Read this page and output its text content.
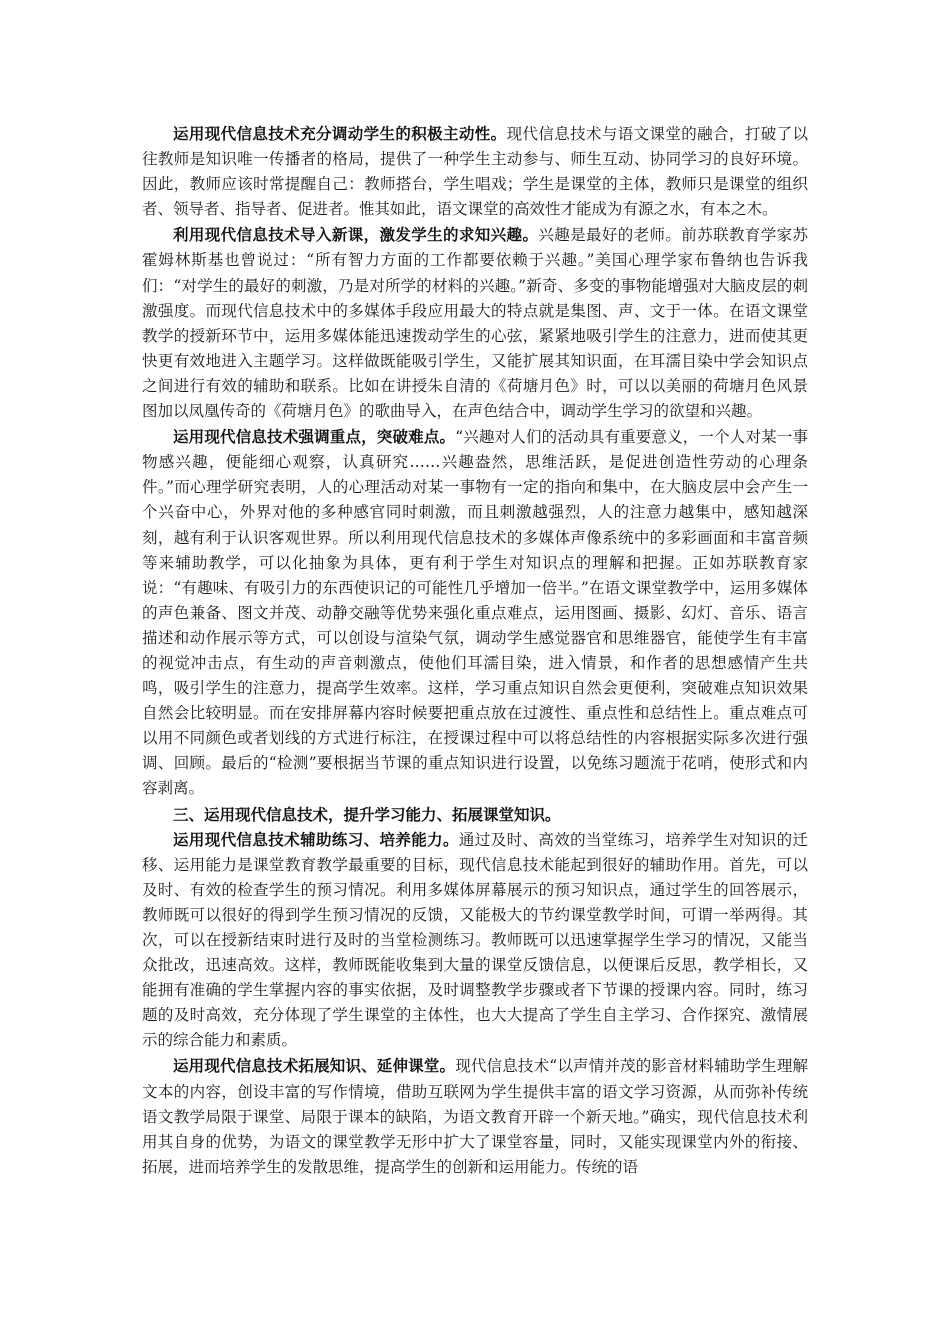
运用现代信息技术充分调动学生的积极主动性。现代信息技术与语文课堂的融合，打破了以往教师是知识唯一传播者的格局，提供了一种学生主动参与、师生互动、协同学习的良好环境。因此，教师应该时常提醒自己：教师搭台，学生唱戏；学生是课堂的主体，教师只是课堂的组织者、领导者、指导者、促进者。惟其如此，语文课堂的高效性才能成为有源之水，有本之木。

利用现代信息技术导入新课，激发学生的求知兴趣。兴趣是最好的老师。前苏联教育学家苏霍姆林斯基也曾说过：“所有智力方面的工作都要依赖于兴趣。”美国心理学家布鲁纳也告诉我们：“对学生的最好的刺激，乃是对所学的材料的兴趣。”新奇、多变的事物能增强对大脑皮层的刺激强度。而现代信息技术中的多媒体手段应用最大的特点就是集图、声、文于一体。在语文课堂教学的授新环节中，运用多媒体能迅速拨动学生的心弦，紧紧地吸引学生的注意力，进而使其更快更有效地进入主题学习。这样做既能吸引学生，又能扩展其知识面，在耳濡目染中学会知识点之间进行有效的辅助和联系。比如在讲授朱自清的《荷塘月色》时，可以以美丽的荷塘月色风景图加以凤凰传奇的《荷塘月色》的歌曲导入，在声色结合中，调动学生学习的欲望和兴趣。

运用现代信息技术强调重点，突破难点。“兴趣对人们的活动具有重要意义，一个人对某一事物感兴趣，便能细心观察，认真研究……兴趣盎然，思维活跃，是促进创造性劳动的心理条件。”而心理学研究表明，人的心理活动对某一事物有一定的指向和集中，在大脑皮层中会产生一个兴奋中心，外界对他的多种感官同时刺激，而且刺激越强烈，人的注意力越集中，感知越深刻，越有利于认识客观世界。所以利用现代信息技术的多媒体声像系统中的多彩画面和丰富音频等来辅助教学，可以化抽象为具体，更有利于学生对知识点的理解和把握。正如苏联教育家说：“有趣味、有吸引力的东西使识记的可能性几乎增加一倍半。”在语文课堂教学中，运用多媒体的声色兼备、图文并茂、动静交融等优势来强化重点难点，运用图画、摄影、幻灯、音乐、语言描述和动作展示等方式，可以创设与渲染气氛，调动学生感觉器官和思维器官，能使学生有丰富的视觉冲击点，有生动的声音刺激点，使他们耳濡目染，进入情景，和作者的思想感情产生共鸣，吸引学生的注意力，提高学生效率。这样，学习重点知识自然会更便利，突破难点知识效果自然会比较明显。而在安排屏幕内容时候要把重点放在过渡性、重点性和总结性上。重点难点可以用不同颜色或者划线的方式进行标注，在授课过程中可以将总结性的内容根据实际多次进行强调、回顾。最后的“检测”要根据当节课的重点知识进行设置，以免练习题流于花哨，使形式和内容剥离。

三、运用现代信息技术，提升学习能力、拓展课堂知识。

运用现代信息技术辅助练习、培养能力。通过及时、高效的当堂练习，培养学生对知识的迁移、运用能力是课堂教育教学最重要的目标，现代信息技术能起到很好的辅助作用。首先，可以及时、有效的检查学生的预习情况。利用多媒体屏幕展示的预习知识点，通过学生的回答展示，教师既可以很好的得到学生预习情况的反馈，又能极大的节约课堂教学时间，可谓一举两得。其次，可以在授新结束时进行及时的当堂检测练习。教师既可以迅速掌握学生学习的情况，又能当众批改，迅速高效。这样，教师既能收集到大量的课堂反馈信息，以便课后反思，教学相长，又能拥有准确的学生掌握内容的事实依据，及时调整教学步骤或者下节课的授课内容。同时，练习题的及时高效，充分体现了学生课堂的主体性，也大大提高了学生自主学习、合作探究、激情展示的综合能力和素质。

运用现代信息技术拓展知识、延伸课堂。现代信息技术“以声情并茂的影音材料辅助学生理解文本的内容，创设丰富的写作情境，借助互联网为学生提供丰富的语文学习资源，从而弥补传统语文教学局限于课堂、局限于课本的缺陷，为语文教育开辟一个新天地。”确实，现代信息技术利用其自身的优势，为语文的课堂教学无形中扩大了课堂容量，同时，又能实现课堂内外的衔接、拓展，进而培养学生的发散思维，提高学生的创新和运用能力。传统的语
